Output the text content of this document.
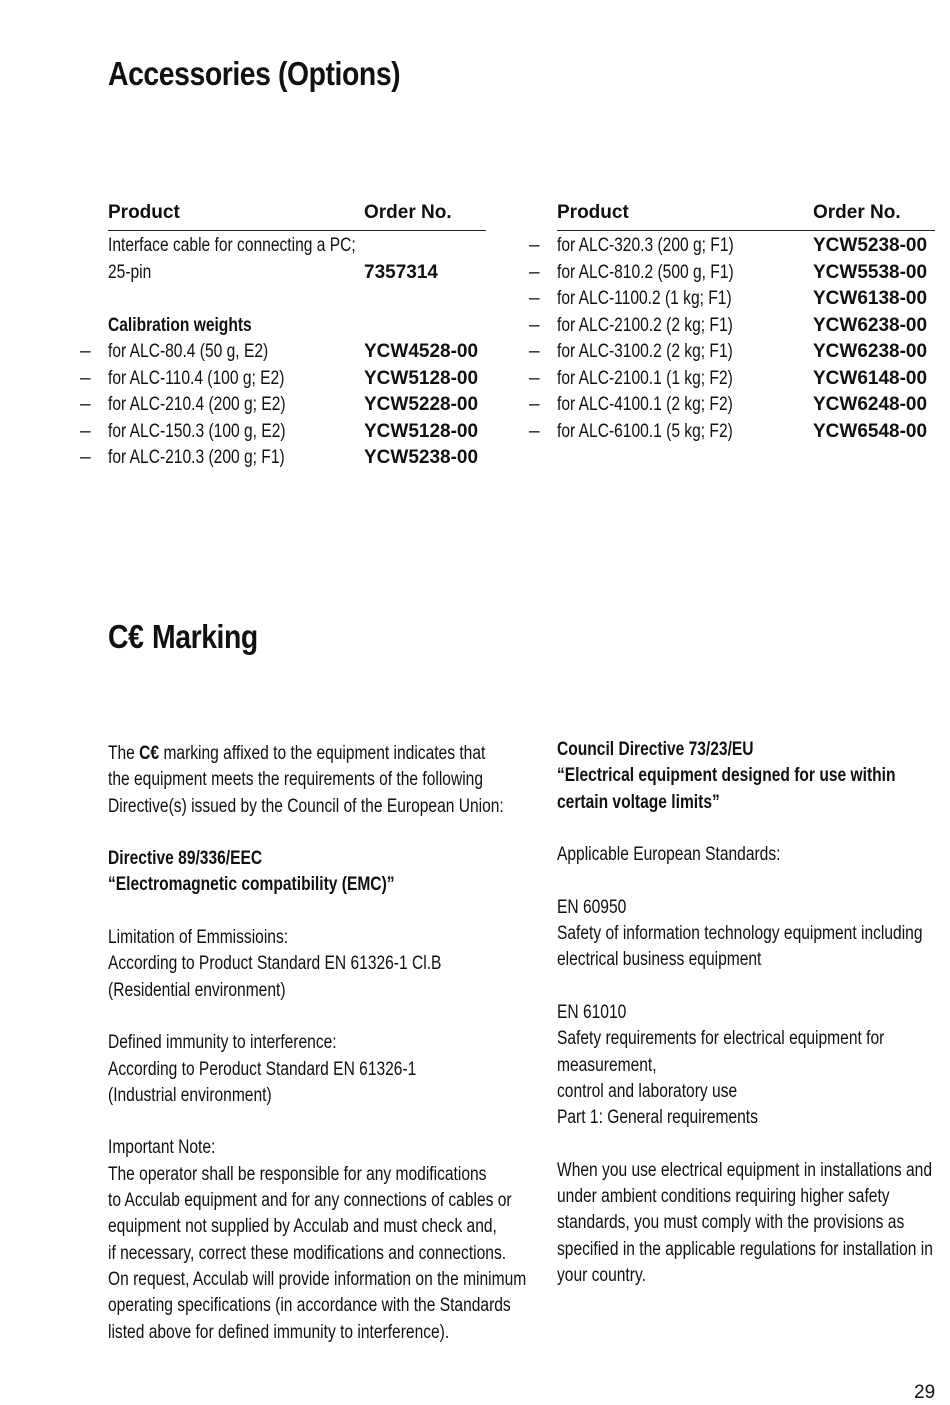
Accessories (Options)
Product	Order No.
Interface cable for connecting a PC;
25-pin	7357314
Calibration weights
– for ALC-80.4 (50 g, E2)	YCW4528-00
– for ALC-110.4 (100 g; E2)	YCW5128-00
– for ALC-210.4 (200 g; E2)	YCW5228-00
– for ALC-150.3 (100 g, E2)	YCW5128-00
– for ALC-210.3 (200 g; F1)	YCW5238-00
Product	Order No.
– for ALC-320.3 (200 g; F1)	YCW5238-00
– for ALC-810.2 (500 g, F1)	YCW5538-00
– for ALC-1100.2 (1 kg; F1)	YCW6138-00
– for ALC-2100.2 (2 kg; F1)	YCW6238-00
– for ALC-3100.2 (2 kg; F1)	YCW6238-00
– for ALC-2100.1 (1 kg; F2)	YCW6148-00
– for ALC-4100.1 (2 kg; F2)	YCW6248-00
– for ALC-6100.1 (5 kg; F2)	YCW6548-00
C€ Marking

The C€ marking affixed to the equipment indicates that

the equipment meets the requirements of the following

Directive(s) issued by the Council of the European Union:

Directive 89/336/EEC

“Electromagnetic compatibility (EMC)”

Limitation of Emmissioins:

According to Product Standard EN 61326-1 Cl.B

(Residential environment)

Defined immunity to interference:

According to Peroduct Standard EN 61326-1

(Industrial environment)

Important Note:

The operator shall be responsible for any modifications

to Acculab equipment and for any connections of cables or

equipment not supplied by Acculab and must check and,

if necessary, correct these modifications and connections.

On request, Acculab will provide information on the minimum

operating specifications (in accordance with the Standards

listed above for defined immunity to interference).

Council Directive 73/23/EU

“Electrical equipment designed for use within

certain voltage limits”

Applicable European Standards:

EN 60950

Safety of information technology equipment including

electrical business equipment

EN 61010

Safety requirements for electrical equipment for

measurement,

control and laboratory use

Part 1: General requirements

When you use electrical equipment in installations and

under ambient conditions requiring higher safety

standards, you must comply with the provisions as

specified in the applicable regulations for installation in

your country.

29
